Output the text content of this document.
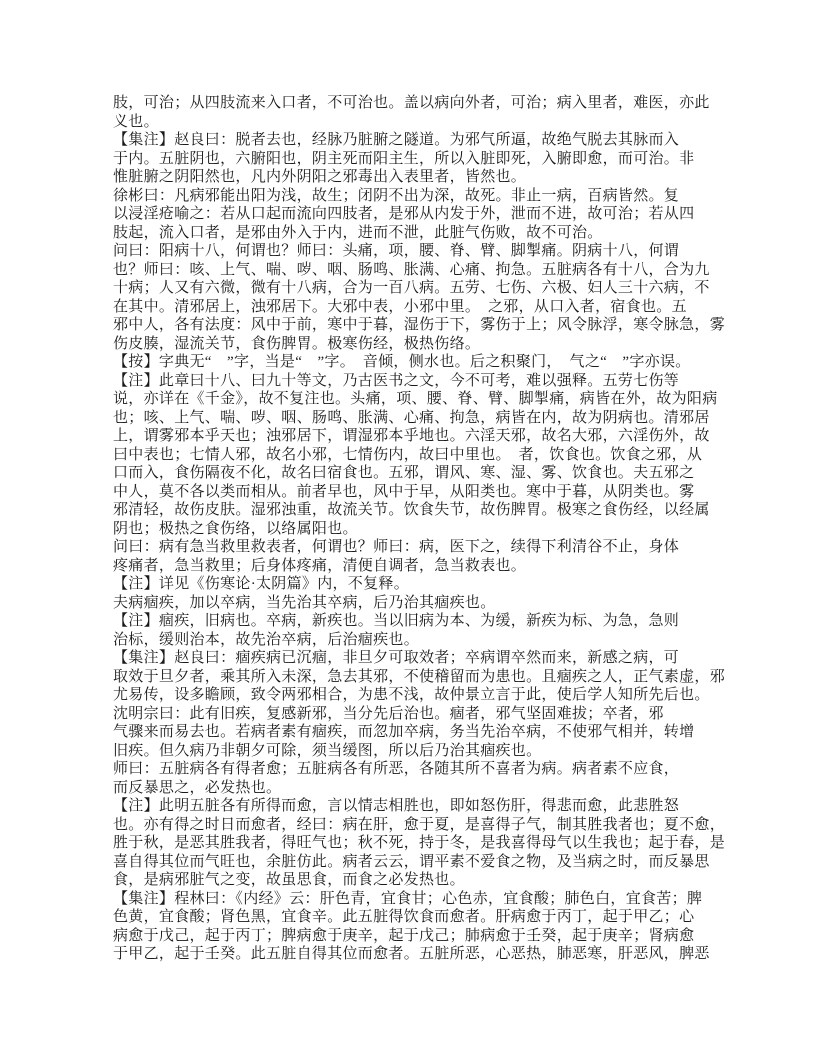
肢，可治；从四肢流来入口者，不可治也。盖以病向外者，可治；病入里者，难医，亦此
义也。
【集注】赵良曰：脱者去也，经脉乃脏腑之隧道。为邪气所逼，故绝气脱去其脉而入
于内。五脏阴也，六腑阳也，阴主死而阳主生，所以入脏即死，入腑即愈，而可治。非
惟脏腑之阴阳然也，凡内外阴阳之邪毒出入表里者，皆然也。
徐彬曰：凡病邪能出阳为浅，故生；闭阴不出为深，故死。非止一病，百病皆然。复
以浸淫疮喻之：若从口起而流向四肢者，是邪从内发于外，泄而不进，故可治；若从四
肢起，流入口者，是邪由外入于内，进而不泄，此脏气伤败，故不可治。
问曰：阳病十八，何谓也？师曰：头痛，项，腰、脊、臂、脚掣痛。阴病十八，何谓
也？师曰：咳、上气、喘、哕、咽、肠鸣、胀满、心痛、拘急。五脏病各有十八，合为九
十病；人又有六微，微有十八病，合为一百八病。五劳、七伤、六极、妇人三十六病，不
在其中。清邪居上，浊邪居下。大邪中表，小邪中里。　之邪，从口入者，宿食也。五
邪中人，各有法度：风中于前，寒中于暮，湿伤于下，雾伤于上；风令脉浮，寒令脉急，雾
伤皮腠，湿流关节，食伤脾胃。极寒伤经，极热伤络。
【按】字典无“　”字，当是“　”字。　音倾，侧水也。后之积聚门，　气之“　”字亦误。
【注】此章曰十八、曰九十等文，乃古医书之文，今不可考，难以强释。五劳七伤等
说，亦详在《千金》，故不复注也。头痛，项、腰、脊、臂、脚掣痛，病皆在外，故为阳病
也；咳、上气、喘、哕、咽、肠鸣、胀满、心痛、拘急，病皆在内，故为阴病也。清邪居
上，谓雾邪本乎天也；浊邪居下，谓湿邪本乎地也。六淫天邪，故名大邪，六淫伤外，故
曰中表也；七情人邪，故名小邪，七情伤内，故曰中里也。　者，饮食也。饮食之邪，从
口而入，食伤隔夜不化，故名曰宿食也。五邪，谓风、寒、湿、雾、饮食也。夫五邪之
中人，莫不各以类而相从。前者早也，风中于早，从阳类也。寒中于暮，从阴类也。雾
邪清轻，故伤皮肤。湿邪浊重，故流关节。饮食失节，故伤脾胃。极寒之食伤经，以经属
阴也；极热之食伤络，以络属阳也。
问曰：病有急当救里救表者，何谓也？师曰：病，医下之，续得下利清谷不止，身体
疼痛者，急当救里；后身体疼痛，清便自调者，急当救表也。
【注】详见《伤寒论·太阴篇》内，不复释。
夫病痼疾，加以卒病，当先治其卒病，后乃治其痼疾也。
【注】痼疾，旧病也。卒病，新疾也。当以旧病为本、为缓，新疾为标、为急，急则
治标，缓则治本，故先治卒病，后治痼疾也。
【集注】赵良曰：痼疾病已沉痼，非旦夕可取效者；卒病谓卒然而来，新感之病，可
取效于旦夕者，乘其所入未深，急去其邪，不使稽留而为患也。且痼疾之人，正气素虚，邪
尤易传，设多瞻顾，致令两邪相合，为患不浅，故仲景立言于此，使后学人知所先后也。
沈明宗曰：此有旧疾，复感新邪，当分先后治也。痼者，邪气坚固难拔；卒者，邪
气骤来而易去也。若病者素有痼疾，而忽加卒病，务当先治卒病，不使邪气相并，转增
旧疾。但久病乃非朝夕可除，须当缓图，所以后乃治其痼疾也。
师曰：五脏病各有得者愈；五脏病各有所恶，各随其所不喜者为病。病者素不应食，
而反暴思之，必发热也。
【注】此明五脏各有所得而愈，言以情志相胜也，即如怒伤肝，得悲而愈，此悲胜怒
也。亦有得之时日而愈者，经曰：病在肝，愈于夏，是喜得子气，制其胜我者也；夏不愈，
胜于秋，是恶其胜我者，得旺气也；秋不死，持于冬，是我喜得母气以生我也；起于春，是
喜自得其位而气旺也，余脏仿此。病者云云，谓平素不爱食之物，及当病之时，而反暴思
食，是病邪脏气之变，故虽思食，而食之必发热也。
【集注】程林曰：《内经》云：肝色青，宜食甘；心色赤，宜食酸；肺色白，宜食苦；脾
色黄，宜食酸；肾色黑，宜食辛。此五脏得饮食而愈者。肝病愈于丙丁，起于甲乙；心
病愈于戊己，起于丙丁；脾病愈于庚辛，起于戊己；肺病愈于壬癸，起于庚辛；肾病愈
于甲乙，起于壬癸。此五脏自得其位而愈者。五脏所恶，心恶热，肺恶寒，肝恶风，脾恶
